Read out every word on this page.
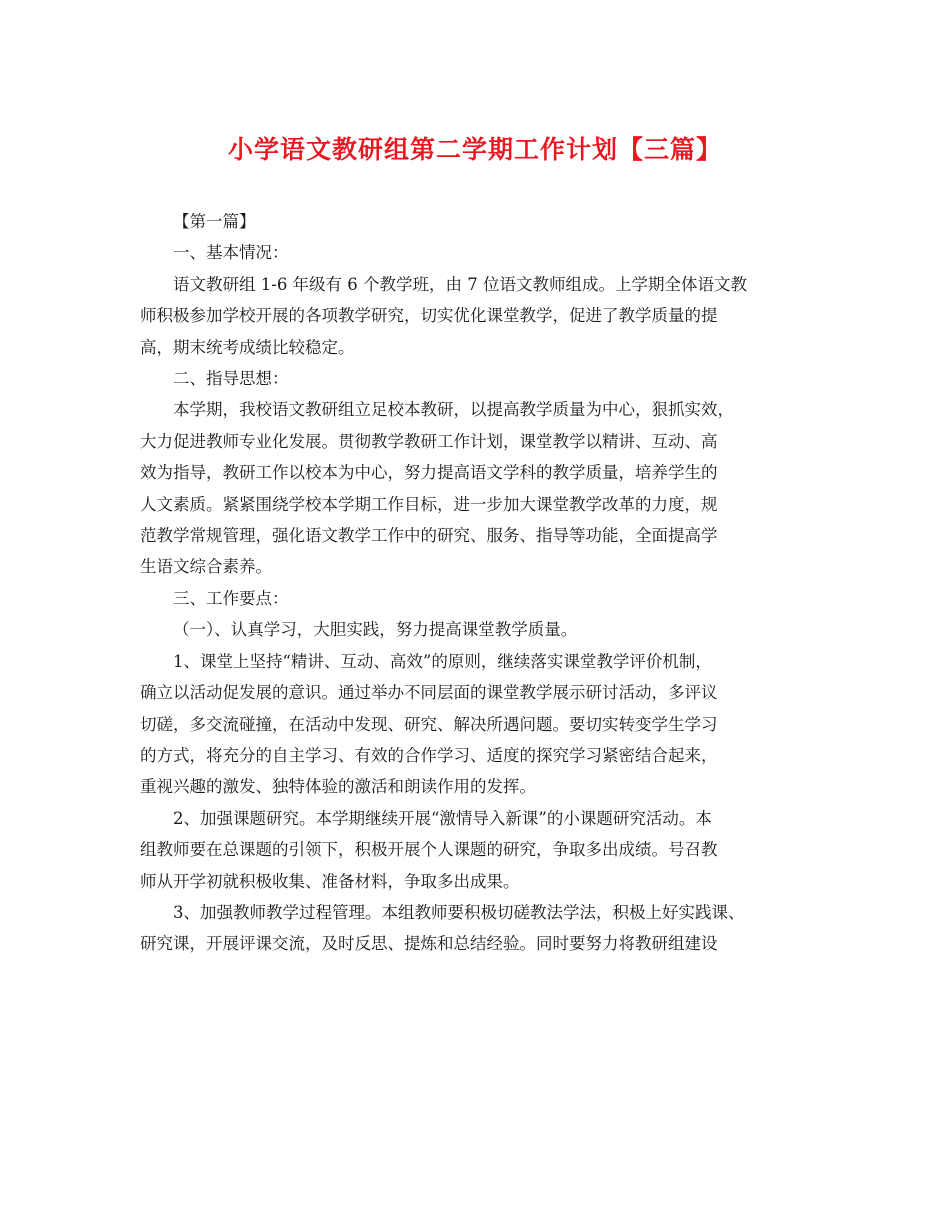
小学语文教研组第二学期工作计划【三篇】
【第一篇】
一、基本情况：
语文教研组 1-6 年级有 6 个教学班，由 7 位语文教师组成。上学期全体语文教
师积极参加学校开展的各项教学研究，切实优化课堂教学，促进了教学质量的提
高，期末统考成绩比较稳定。
二、指导思想：
本学期，我校语文教研组立足校本教研，以提高教学质量为中心，狠抓实效，
大力促进教师专业化发展。贯彻教学教研工作计划，课堂教学以精讲、互动、高
效为指导，教研工作以校本为中心，努力提高语文学科的教学质量，培养学生的
人文素质。紧紧围绕学校本学期工作目标，进一步加大课堂教学改革的力度，规
范教学常规管理，强化语文教学工作中的研究、服务、指导等功能，全面提高学
生语文综合素养。
三、工作要点：
（一）、认真学习，大胆实践，努力提高课堂教学质量。
1、课堂上坚持“精讲、互动、高效”的原则，继续落实课堂教学评价机制，
确立以活动促发展的意识。通过举办不同层面的课堂教学展示研讨活动，多评议
切磋，多交流碰撞，在活动中发现、研究、解决所遇问题。要切实转变学生学习
的方式，将充分的自主学习、有效的合作学习、适度的探究学习紧密结合起来，
重视兴趣的激发、独特体验的激活和朗读作用的发挥。
2、加强课题研究。本学期继续开展“激情导入新课”的小课题研究活动。本
组教师要在总课题的引领下，积极开展个人课题的研究，争取多出成绩。号召教
师从开学初就积极收集、准备材料，争取多出成果。
3、加强教师教学过程管理。本组教师要积极切磋教法学法，积极上好实践课、
研究课，开展评课交流，及时反思、提炼和总结经验。同时要努力将教研组建设
